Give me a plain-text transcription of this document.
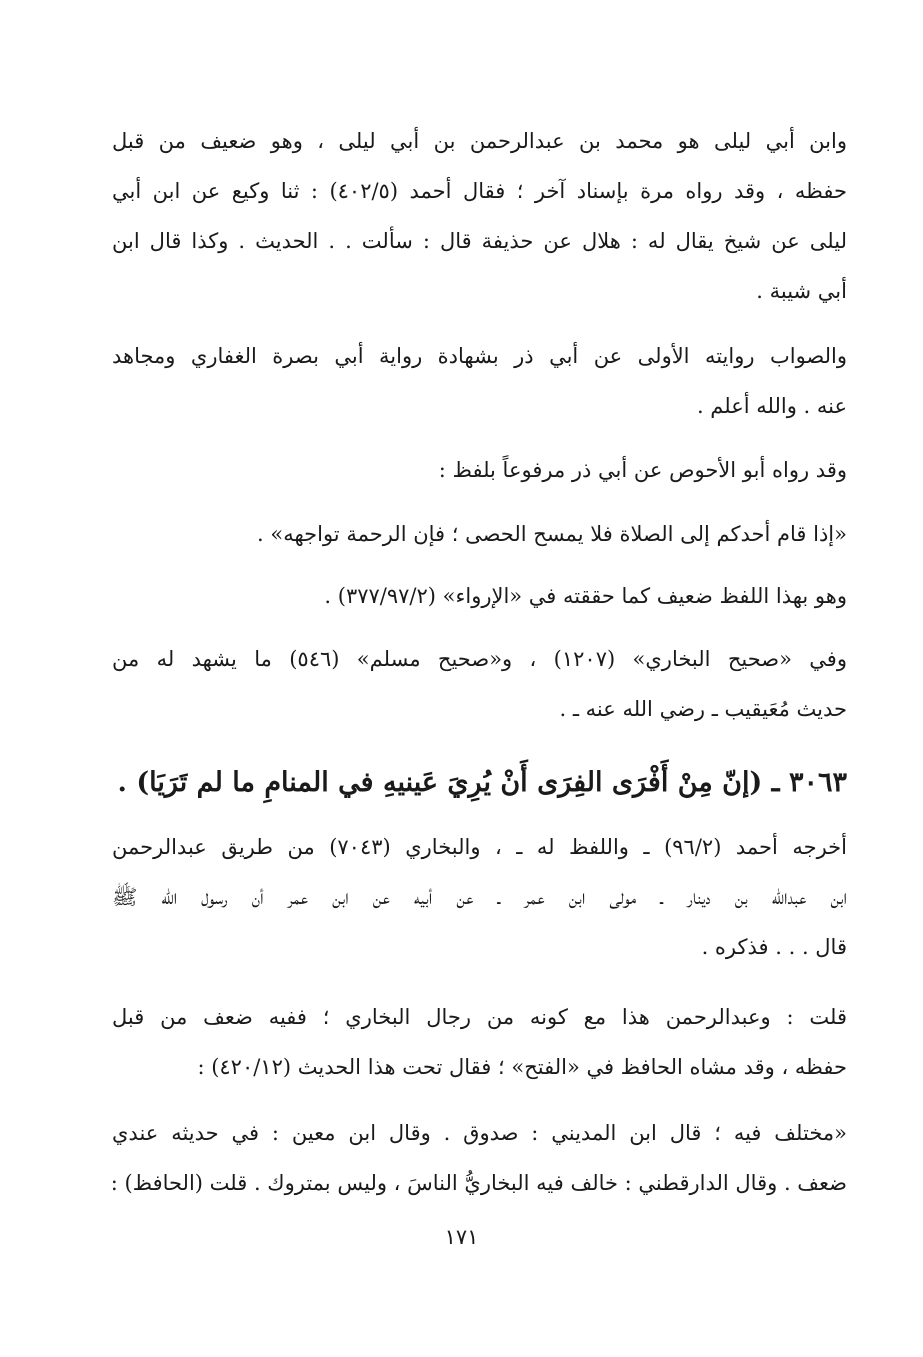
وابن أبي ليلى هو محمد بن عبدالرحمن بن أبي ليلى ، وهو ضعيف من قبل
حفظه ، وقد رواه مرة بإسناد آخر ؛ فقال أحمد (٤٠٢/٥) : ثنا وكيع عن ابن أبي
ليلى عن شيخ يقال له : هلال عن حذيفة قال : سألت . . الحديث . وكذا قال ابن
أبي شيبة .
والصواب روايته الأولى عن أبي ذر بشهادة رواية أبي بصرة الغفاري ومجاهد
عنه . والله أعلم .
وقد رواه أبو الأحوص عن أبي ذر مرفوعاً بلفظ :
«إذا قام أحدكم إلى الصلاة فلا يمسح الحصى ؛ فإن الرحمة تواجهه» .
وهو بهذا اللفظ ضعيف كما حققته في «الإرواء» (٣٧٧/٩٧/٢) .
وفي «صحيح البخاري» (١٢٠٧) ، و«صحيح مسلم» (٥٤٦) ما يشهد له من
حديث مُعَيقيب ـ رضي الله عنه ـ .
٣٠٦٣ ـ (إنّ مِنْ أَفْرَى الفِرَى أَنْ يُرِيَ عَينيهِ في المنامِ ما لم تَرَيَا) .
أخرجه أحمد (٩٦/٢) ـ واللفظ له ـ ، والبخاري (٧٠٤٣) من طريق عبدالرحمن
ابن عبدالله بن دينار ـ مولى ابن عمر ـ عن أبيه عن ابن عمر أن رسول الله ﷺ
قال . . . فذكره .
قلت : وعبدالرحمن هذا مع كونه من رجال البخاري ؛ ففيه ضعف من قبل
حفظه ، وقد مشاه الحافظ في «الفتح» ؛ فقال تحت هذا الحديث (٤٢٠/١٢) :
«مختلف فيه ؛ قال ابن المديني : صدوق . وقال ابن معين : في حديثه عندي
ضعف . وقال الدارقطني : خالف فيه البخاريُّ الناسَ ، وليس بمتروك . قلت (الحافظ) :
١٧١
